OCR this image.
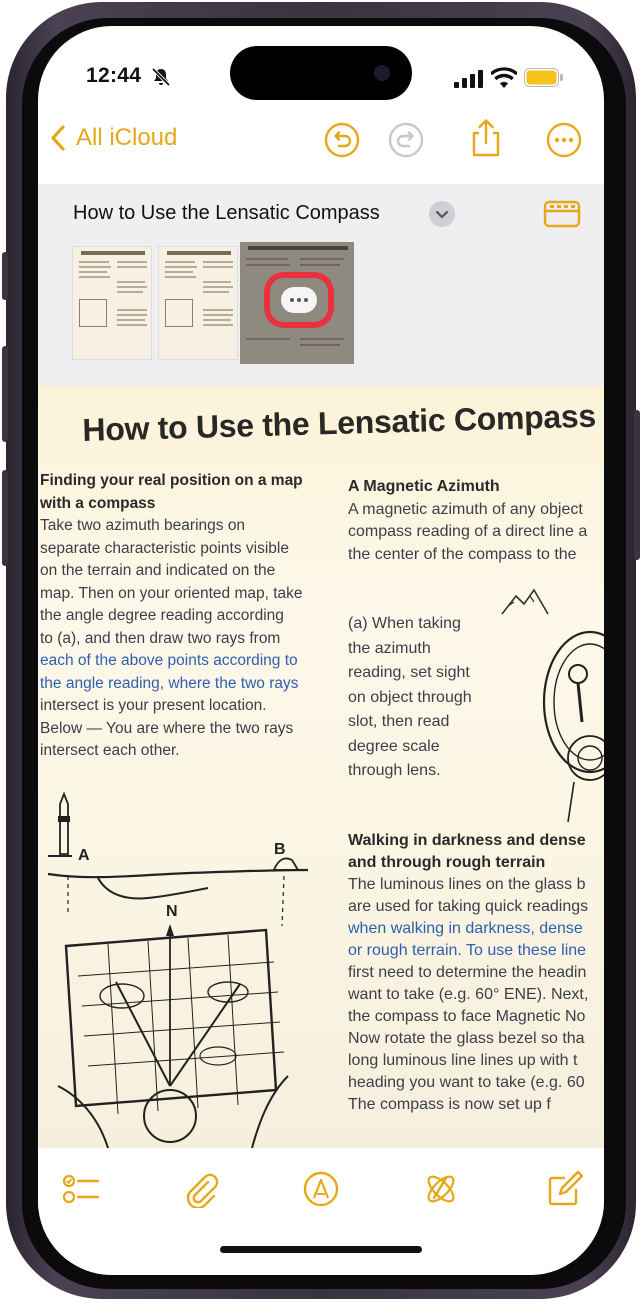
12:44
All iCloud
How to Use the Lensatic Compass
How to Use the Lensatic Compass
Finding your real position on a map
with a compass
Take two azimuth bearings on
separate characteristic points visible
on the terrain and indicated on the
map. Then on your oriented map, take
the angle degree reading according
to (a), and then draw two rays from
each of the above points according to
the angle reading, where the two rays
intersect is your present location.
Below — You are where the two rays
intersect each other.
A Magnetic Azimuth
A magnetic azimuth of any object
compass reading of a direct line a
the center of the compass to the
(a) When taking
the azimuth
reading, set sight
on object through
slot, then read
degree scale
through lens.
Walking in darkness and dense
and through rough terrain
The luminous lines on the glass b
are used for taking quick readings
when walking in darkness, dense
or rough terrain. To use these line
first need to determine the headin
want to take (e.g. 60° ENE). Next,
the compass to face Magnetic No
Now rotate the glass bezel so tha
long luminous line lines up with t
heading you want to take (e.g. 60
The compass is now set up f
A	B
N
